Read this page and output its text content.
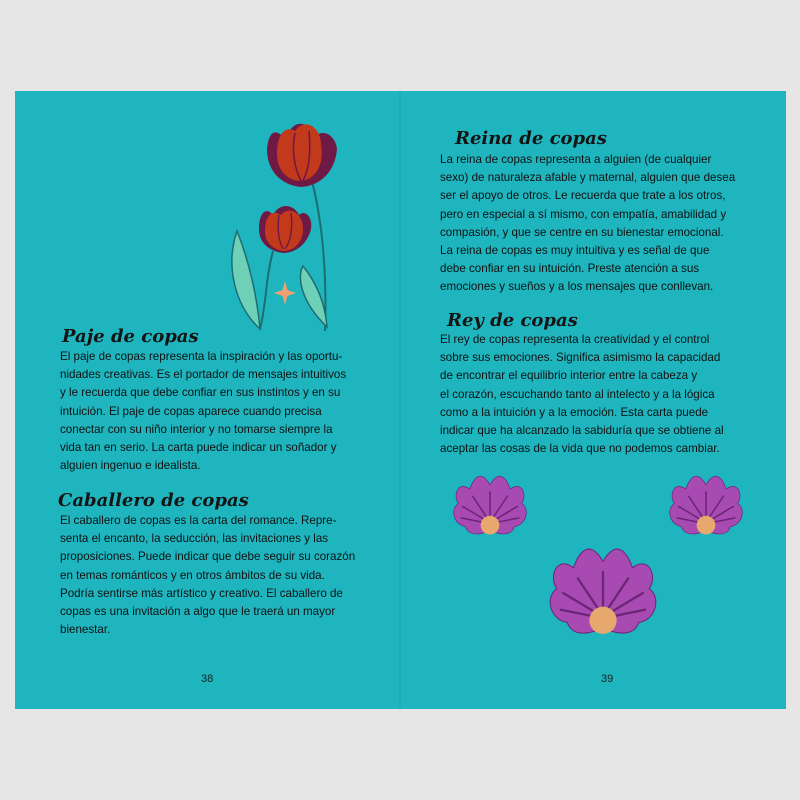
Paje de copas
El paje de copas representa la inspiración y las oportu-
nidades creativas. Es el portador de mensajes intuitivos
y le recuerda que debe confiar en sus instintos y en su
intuición. El paje de copas aparece cuando precisa
conectar con su niño interior y no tomarse siempre la
vida tan en serio. La carta puede indicar un soñador y
alguien ingenuo e idealista.
Caballero de copas
El caballero de copas es la carta del romance. Repre-
senta el encanto, la seducción, las invitaciones y las
proposiciones. Puede indicar que debe seguir su corazón
en temas románticos y en otros ámbitos de su vida.
Podría sentirse más artístico y creativo. El caballero de
copas es una invitación a algo que le traerá un mayor
bienestar.
38
Reina de copas
La reina de copas representa a alguien (de cualquier
sexo) de naturaleza afable y maternal, alguien que desea
ser el apoyo de otros. Le recuerda que trate a los otros,
pero en especial a sí mismo, con empatía, amabilidad y
compasión, y que se centre en su bienestar emocional.
La reina de copas es muy intuitiva y es señal de que
debe confiar en su intuición. Preste atención a sus
emociones y sueños y a los mensajes que conllevan.
Rey de copas
El rey de copas representa la creatividad y el control
sobre sus emociones. Significa asimismo la capacidad
de encontrar el equilibrio interior entre la cabeza y
el corazón, escuchando tanto al intelecto y a la lógica
como a la intuición y a la emoción. Esta carta puede
indicar que ha alcanzado la sabiduría que se obtiene al
aceptar las cosas de la vida que no podemos cambiar.
39
